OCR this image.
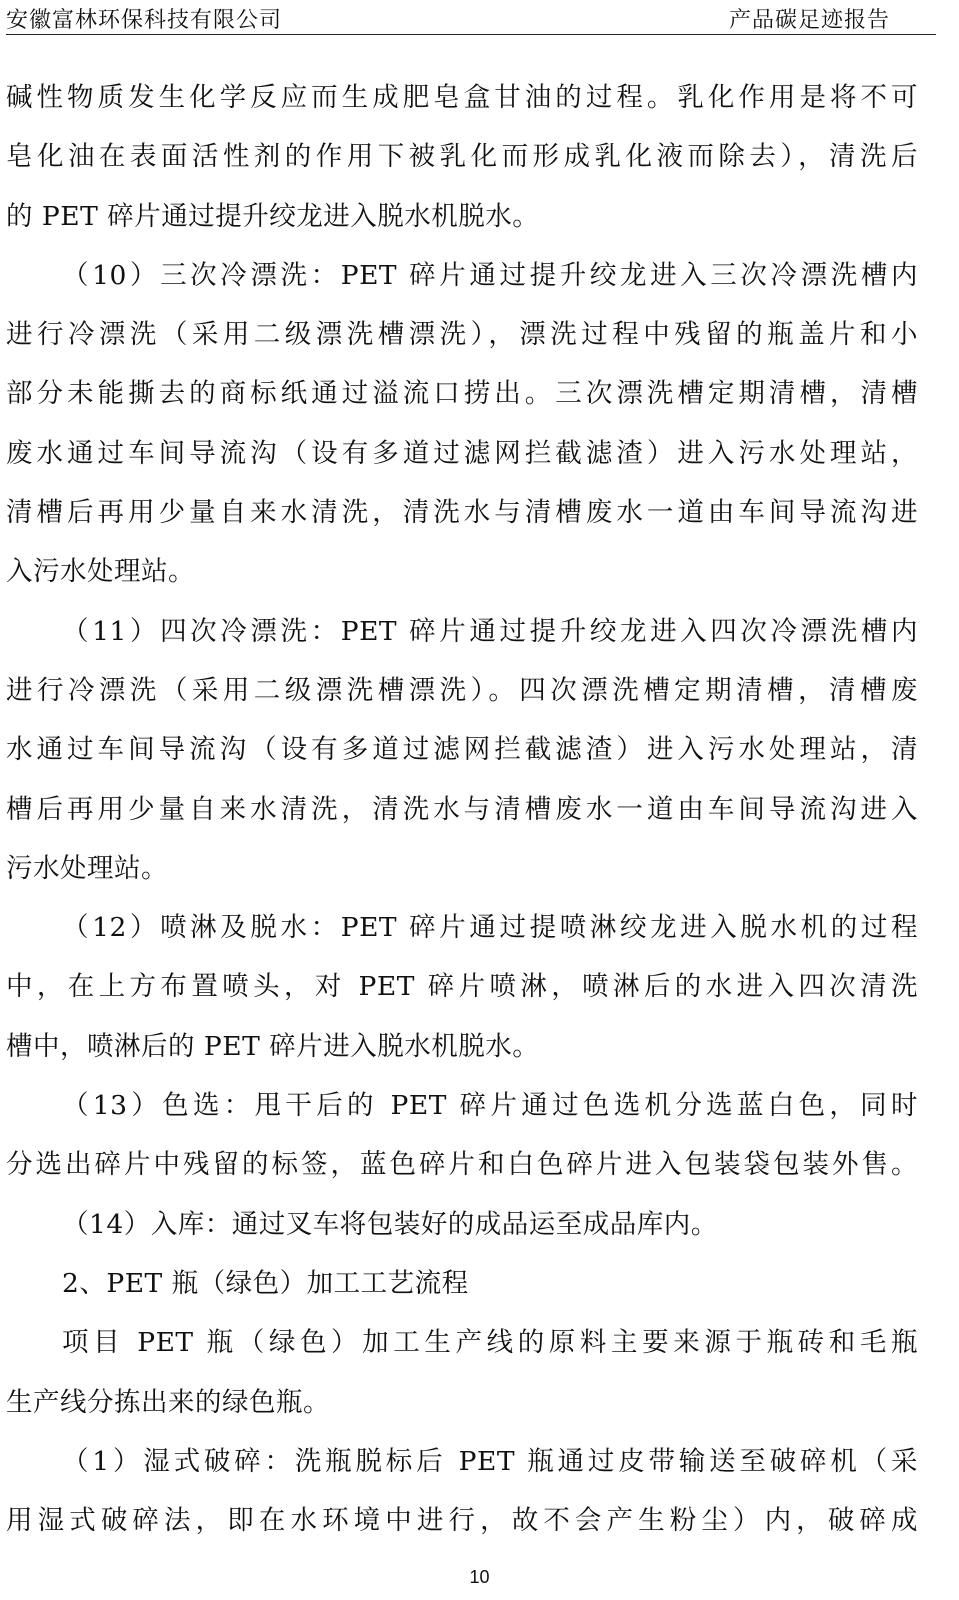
安徽富林环保科技有限公司	产品碳足迹报告
碱性物质发生化学反应而生成肥皂盒甘油的过程。乳化作用是将不可
皂化油在表面活性剂的作用下被乳化而形成乳化液而除去），清洗后
的 PET 碎片通过提升绞龙进入脱水机脱水。
（10）三次冷漂洗：PET 碎片通过提升绞龙进入三次冷漂洗槽内
进行冷漂洗（采用二级漂洗槽漂洗），漂洗过程中残留的瓶盖片和小
部分未能撕去的商标纸通过溢流口捞出。三次漂洗槽定期清槽，清槽
废水通过车间导流沟（设有多道过滤网拦截滤渣）进入污水处理站，
清槽后再用少量自来水清洗，清洗水与清槽废水一道由车间导流沟进
入污水处理站。
（11）四次冷漂洗：PET 碎片通过提升绞龙进入四次冷漂洗槽内
进行冷漂洗（采用二级漂洗槽漂洗）。四次漂洗槽定期清槽，清槽废
水通过车间导流沟（设有多道过滤网拦截滤渣）进入污水处理站，清
槽后再用少量自来水清洗，清洗水与清槽废水一道由车间导流沟进入
污水处理站。
（12）喷淋及脱水：PET 碎片通过提喷淋绞龙进入脱水机的过程
中，在上方布置喷头，对 PET 碎片喷淋，喷淋后的水进入四次清洗
槽中，喷淋后的 PET 碎片进入脱水机脱水。
（13）色选：甩干后的 PET 碎片通过色选机分选蓝白色，同时
分选出碎片中残留的标签，蓝色碎片和白色碎片进入包装袋包装外售。
（14）入库：通过叉车将包装好的成品运至成品库内。
2、PET 瓶（绿色）加工工艺流程
项目 PET 瓶（绿色）加工生产线的原料主要来源于瓶砖和毛瓶
生产线分拣出来的绿色瓶。
（1）湿式破碎：洗瓶脱标后 PET 瓶通过皮带输送至破碎机（采
用湿式破碎法，即在水环境中进行，故不会产生粉尘）内，破碎成
10
